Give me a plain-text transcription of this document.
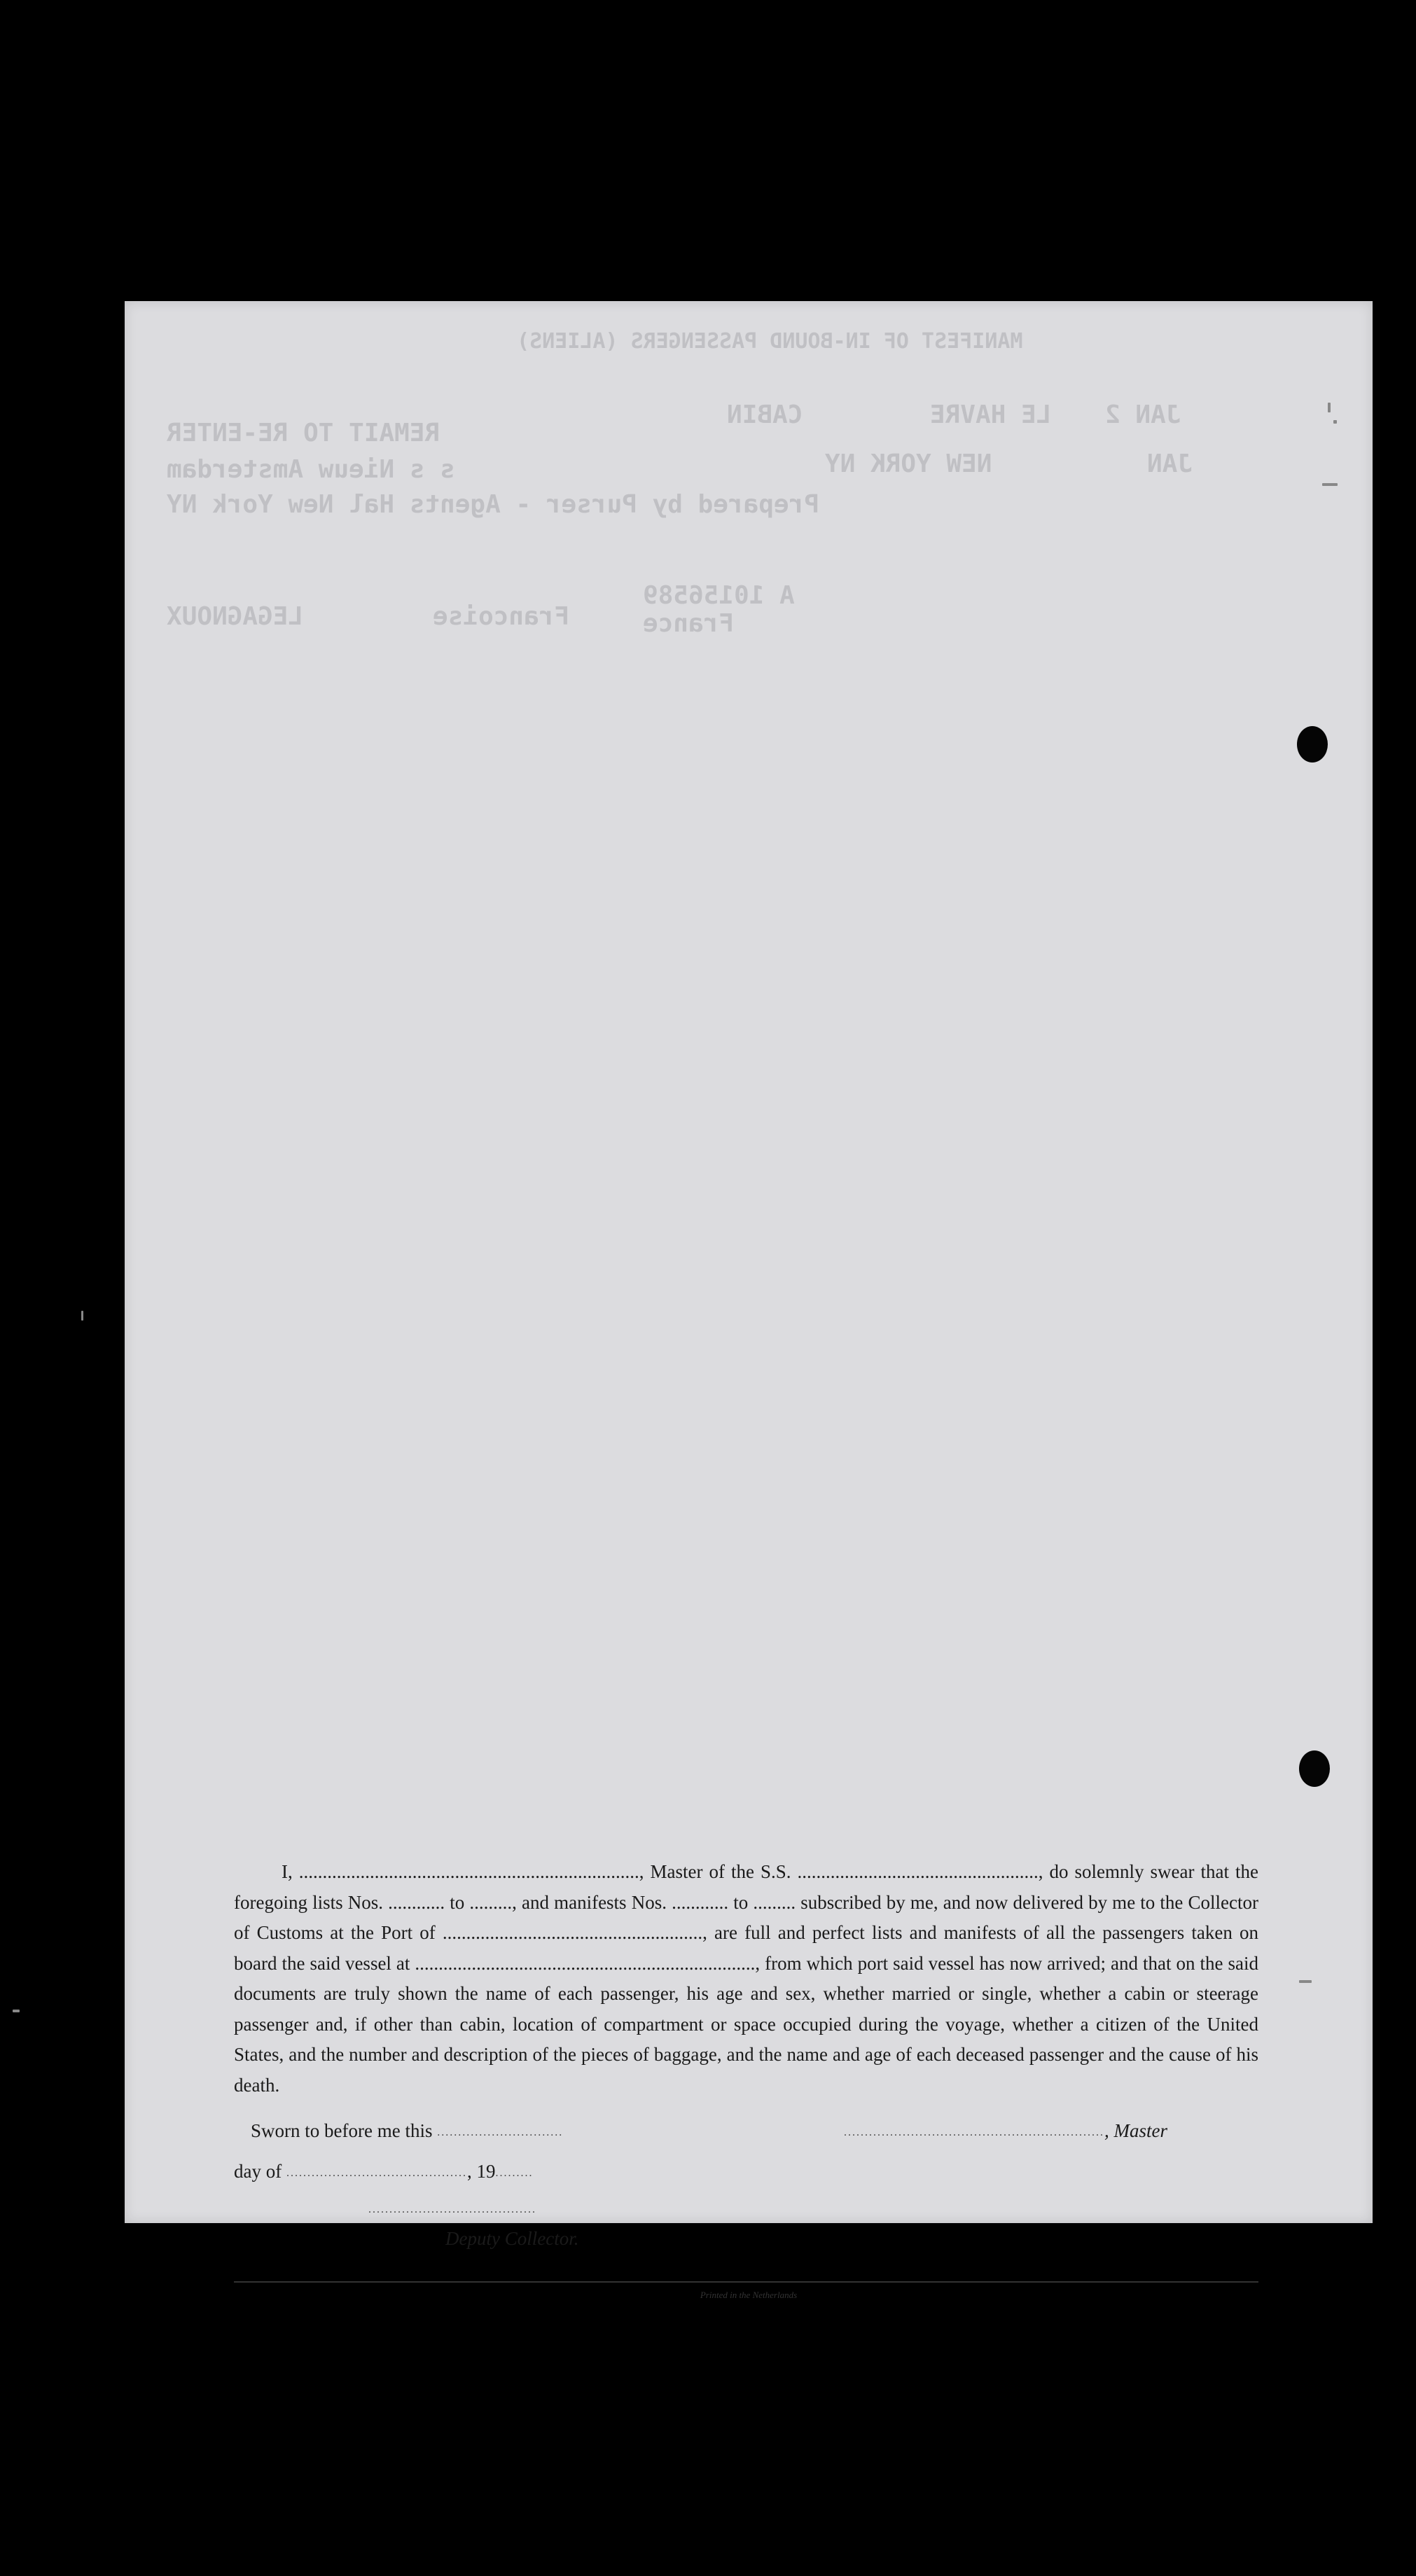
MANIFEST OF IN-BOUND PASSENGERS (ALIENS)
REMAIT TO RE-ENTER
CABIN	LE HAVRE JAN 2
s s Nieuw Amsterdam	NEW YORK NY	JAN
Prepared by Purser - Agents Hal New York NY
LEGAGNOUX	Francoise
A 10156589
France

I, ........................................................................, Master of the S.S. ..................................................., do solemnly swear that the foregoing lists Nos. ............ to ........., and manifests Nos. ............ to ......... subscribed by me, and now delivered by me to the Collector of Customs at the Port of ......................................................., are full and perfect lists and manifests of all the passengers taken on board the said vessel at ........................................................................, from which port said vessel has now arrived; and that on the said documents are truly shown the name of each passenger, his age and sex, whether married or single, whether a cabin or steerage passenger and, if other than cabin, location of compartment or space occupied during the voyage, whether a citizen of the United States, and the number and description of the pieces of baggage, and the name and age of each deceased passenger and the cause of his death.

Sworn to before me this ..............................	.............................................................., Master
day of ..........................................., 19.........
........................................
Deputy Collector.
Printed in the Netherlands
